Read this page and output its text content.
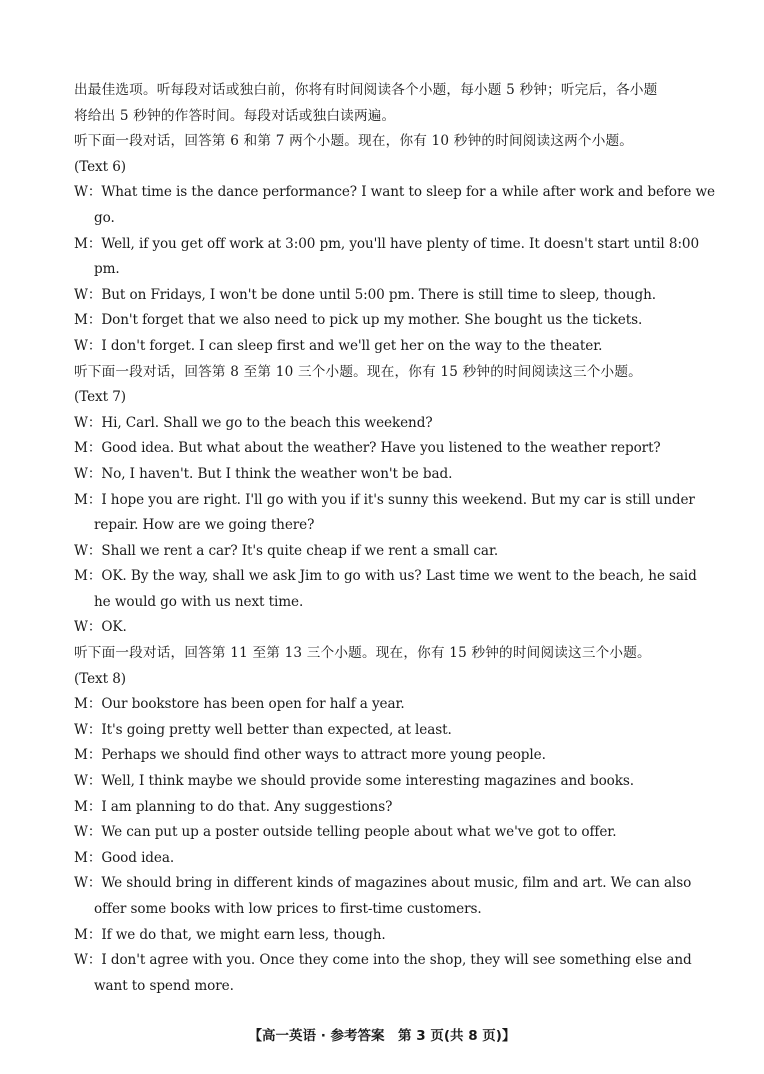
出最佳选项。听每段对话或独白前，你将有时间阅读各个小题，每小题 5 秒钟；听完后，各小题
将给出 5 秒钟的作答时间。每段对话或独白读两遍。
听下面一段对话，回答第 6 和第 7 两个小题。现在，你有 10 秒钟的时间阅读这两个小题。
(Text 6)
W：What time is the dance performance? I want to sleep for a while after work and before we
go.
M：Well, if you get off work at 3:00 pm, you'll have plenty of time. It doesn't start until 8:00
pm.
W：But on Fridays, I won't be done until 5:00 pm. There is still time to sleep, though.
M：Don't forget that we also need to pick up my mother. She bought us the tickets.
W：I don't forget. I can sleep first and we'll get her on the way to the theater.
听下面一段对话，回答第 8 至第 10 三个小题。现在，你有 15 秒钟的时间阅读这三个小题。
(Text 7)
W：Hi, Carl. Shall we go to the beach this weekend?
M：Good idea. But what about the weather? Have you listened to the weather report?
W：No, I haven't. But I think the weather won't be bad.
M：I hope you are right. I'll go with you if it's sunny this weekend. But my car is still under
repair. How are we going there?
W：Shall we rent a car? It's quite cheap if we rent a small car.
M：OK. By the way, shall we ask Jim to go with us? Last time we went to the beach, he said
he would go with us next time.
W：OK.
听下面一段对话，回答第 11 至第 13 三个小题。现在，你有 15 秒钟的时间阅读这三个小题。
(Text 8)
M：Our bookstore has been open for half a year.
W：It's going pretty well better than expected, at least.
M：Perhaps we should find other ways to attract more young people.
W：Well, I think maybe we should provide some interesting magazines and books.
M：I am planning to do that. Any suggestions?
W：We can put up a poster outside telling people about what we've got to offer.
M：Good idea.
W：We should bring in different kinds of magazines about music, film and art. We can also
offer some books with low prices to first-time customers.
M：If we do that, we might earn less, though.
W：I don't agree with you. Once they come into the shop, they will see something else and
want to spend more.
【高一英语 · 参考答案　第 3 页(共 8 页)】
